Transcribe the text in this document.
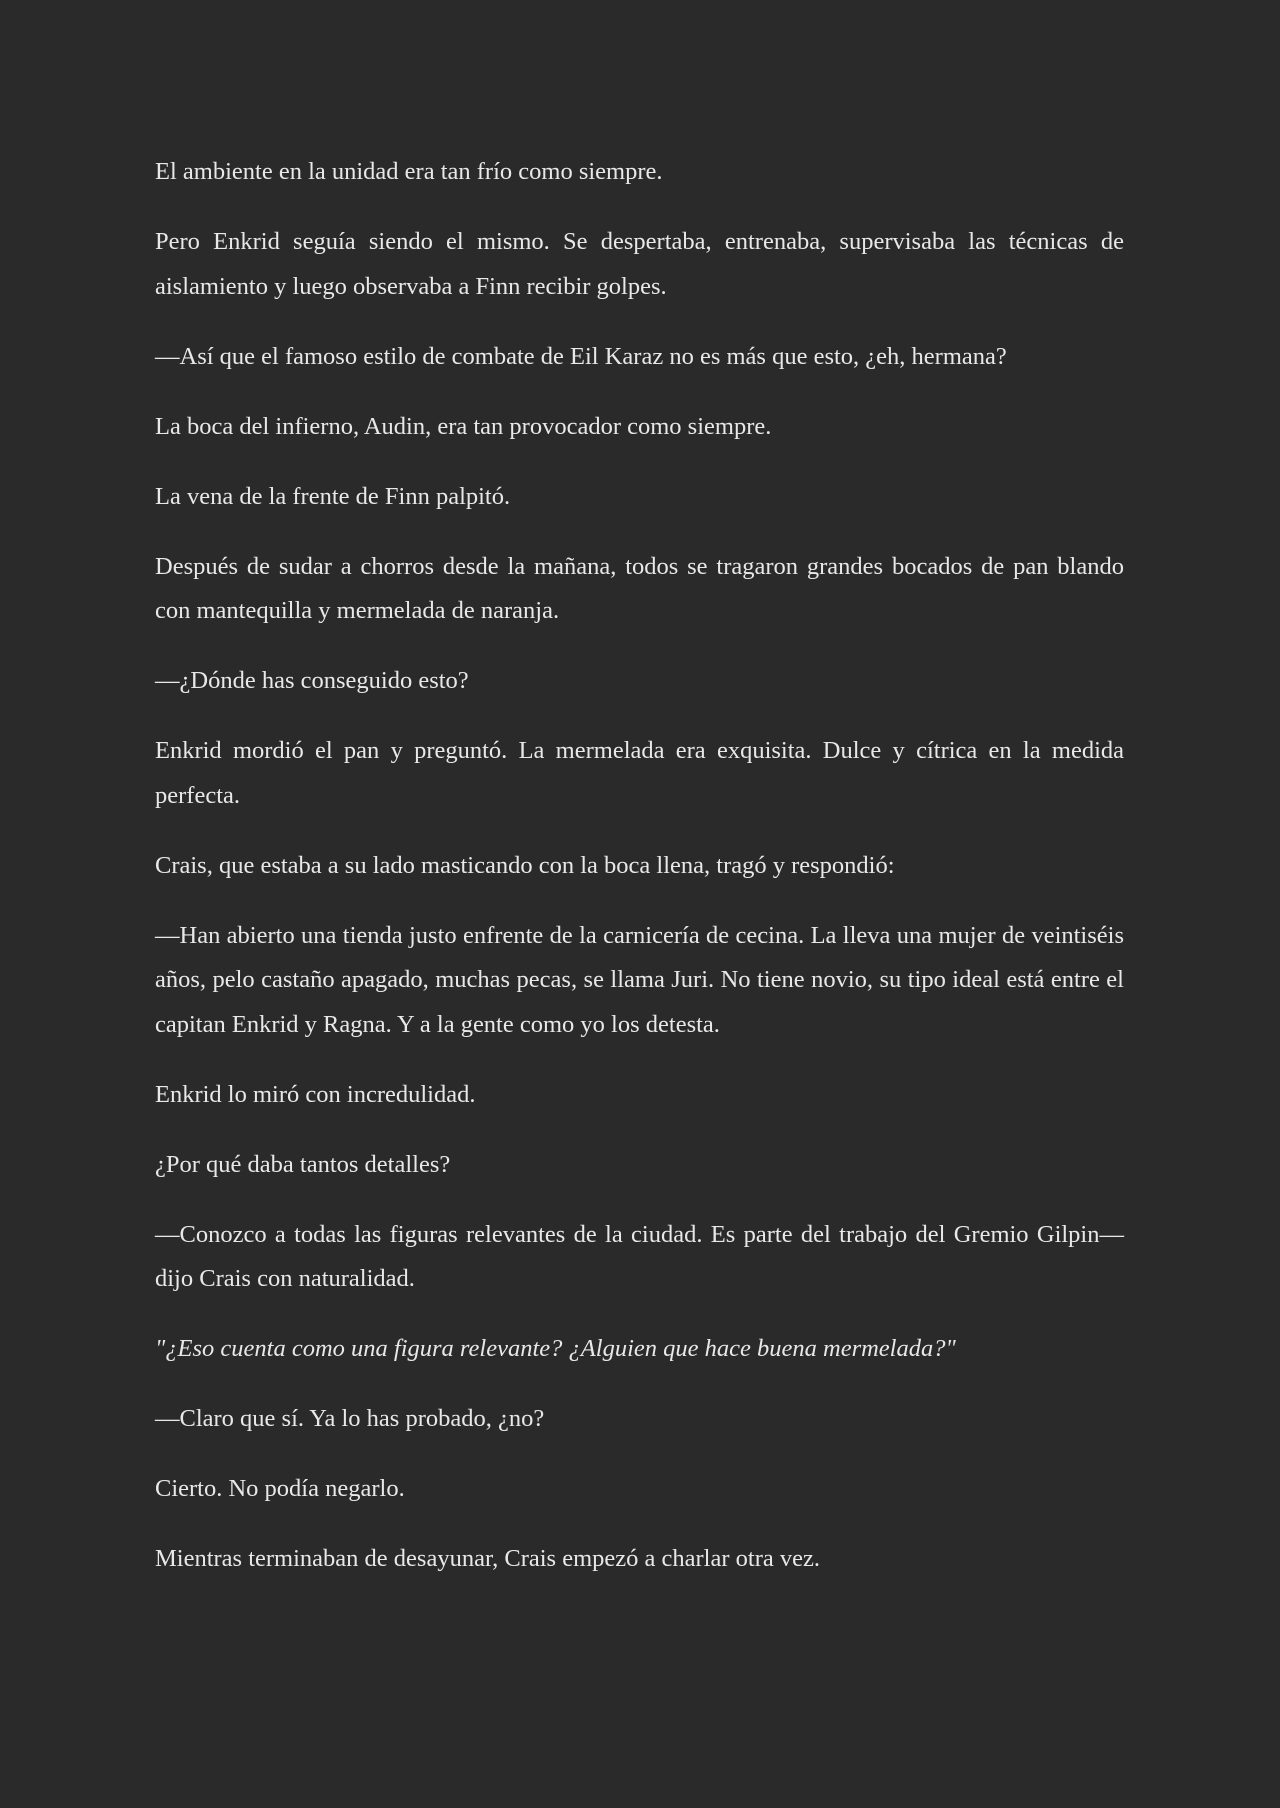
El ambiente en la unidad era tan frío como siempre.

Pero Enkrid seguía siendo el mismo. Se despertaba, entrenaba, supervisaba las técnicas de aislamiento y luego observaba a Finn recibir golpes.

—Así que el famoso estilo de combate de Eil Karaz no es más que esto, ¿eh, hermana?

La boca del infierno, Audin, era tan provocador como siempre.

La vena de la frente de Finn palpitó.

Después de sudar a chorros desde la mañana, todos se tragaron grandes bocados de pan blando con mantequilla y mermelada de naranja.

—¿Dónde has conseguido esto?

Enkrid mordió el pan y preguntó. La mermelada era exquisita. Dulce y cítrica en la medida perfecta.

Crais, que estaba a su lado masticando con la boca llena, tragó y respondió:

—Han abierto una tienda justo enfrente de la carnicería de cecina. La lleva una mujer de veintiséis años, pelo castaño apagado, muchas pecas, se llama Juri. No tiene novio, su tipo ideal está entre el capitan Enkrid y Ragna. Y a la gente como yo los detesta.

Enkrid lo miró con incredulidad.

¿Por qué daba tantos detalles?

—Conozco a todas las figuras relevantes de la ciudad. Es parte del trabajo del Gremio Gilpin—dijo Crais con naturalidad.

"¿Eso cuenta como una figura relevante? ¿Alguien que hace buena mermelada?"

—Claro que sí. Ya lo has probado, ¿no?

Cierto. No podía negarlo.

Mientras terminaban de desayunar, Crais empezó a charlar otra vez.
